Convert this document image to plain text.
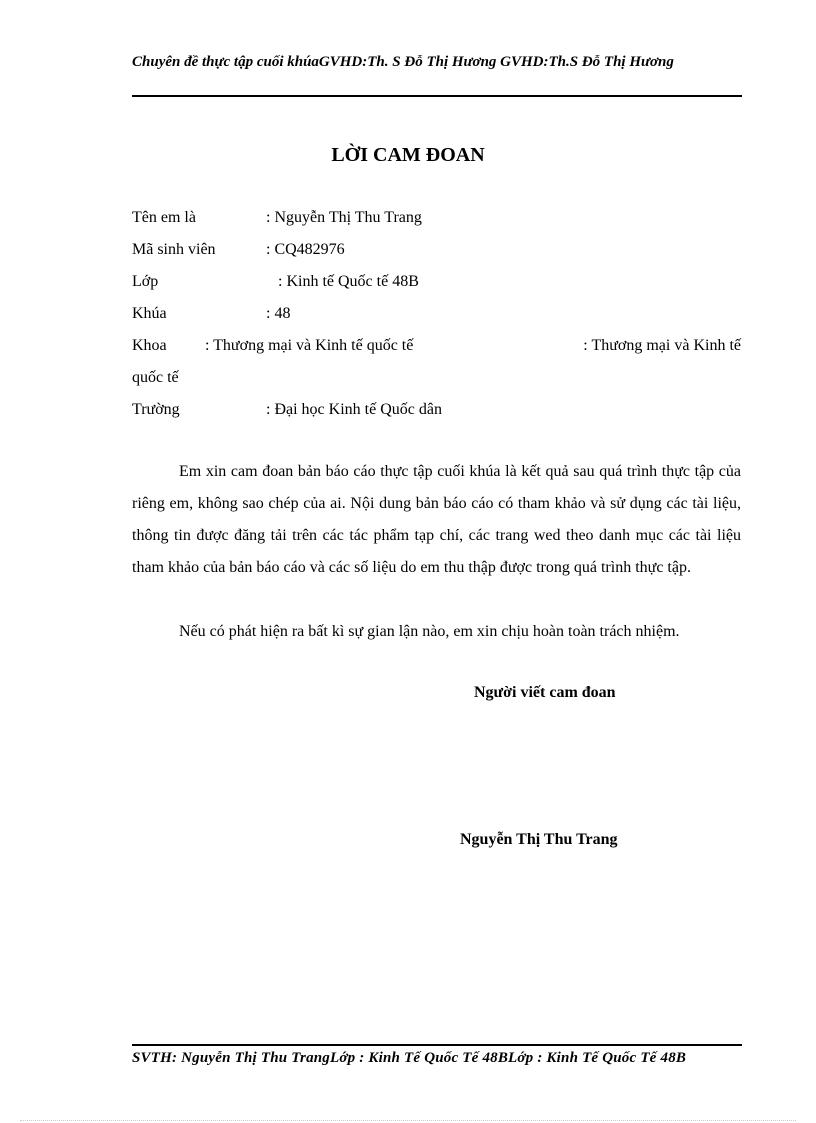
Chuyên đề thực tập cuối khúaGVHD:Th. S Đỗ Thị Hương GVHD:Th.S Đỗ Thị Hương
LỜI CAM ĐOAN
Tên em là	: Nguyễn Thị Thu Trang
Mã sinh viên	: CQ482976
Lớp	: Kinh tế Quốc tế 48B
Khúa	: 48
Khoa : Thương mại và Kinh tế quốc tế	: Thương mại và Kinh tế
quốc tế
Trường	: Đại học Kinh tế Quốc dân
Em xin cam đoan bản báo cáo thực tập cuối khúa là kết quả sau quá trình thực tập của riêng em, không sao chép của ai. Nội dung bản báo cáo có tham khảo và sử dụng các tài liệu, thông tin được đăng tải trên các tác phẩm tạp chí, các trang wed theo danh mục các tài liệu tham khảo của bản báo cáo và các số liệu do em thu thập được trong quá trình thực tập.
Nếu có phát hiện ra bất kì sự gian lận nào, em xin chịu hoàn toàn trách nhiệm.
Người viết cam đoan
Nguyễn Thị Thu Trang
SVTH: Nguyễn Thị Thu TrangLớp : Kinh Tế Quốc Tế 48BLớp : Kinh Tế Quốc Tế 48B
